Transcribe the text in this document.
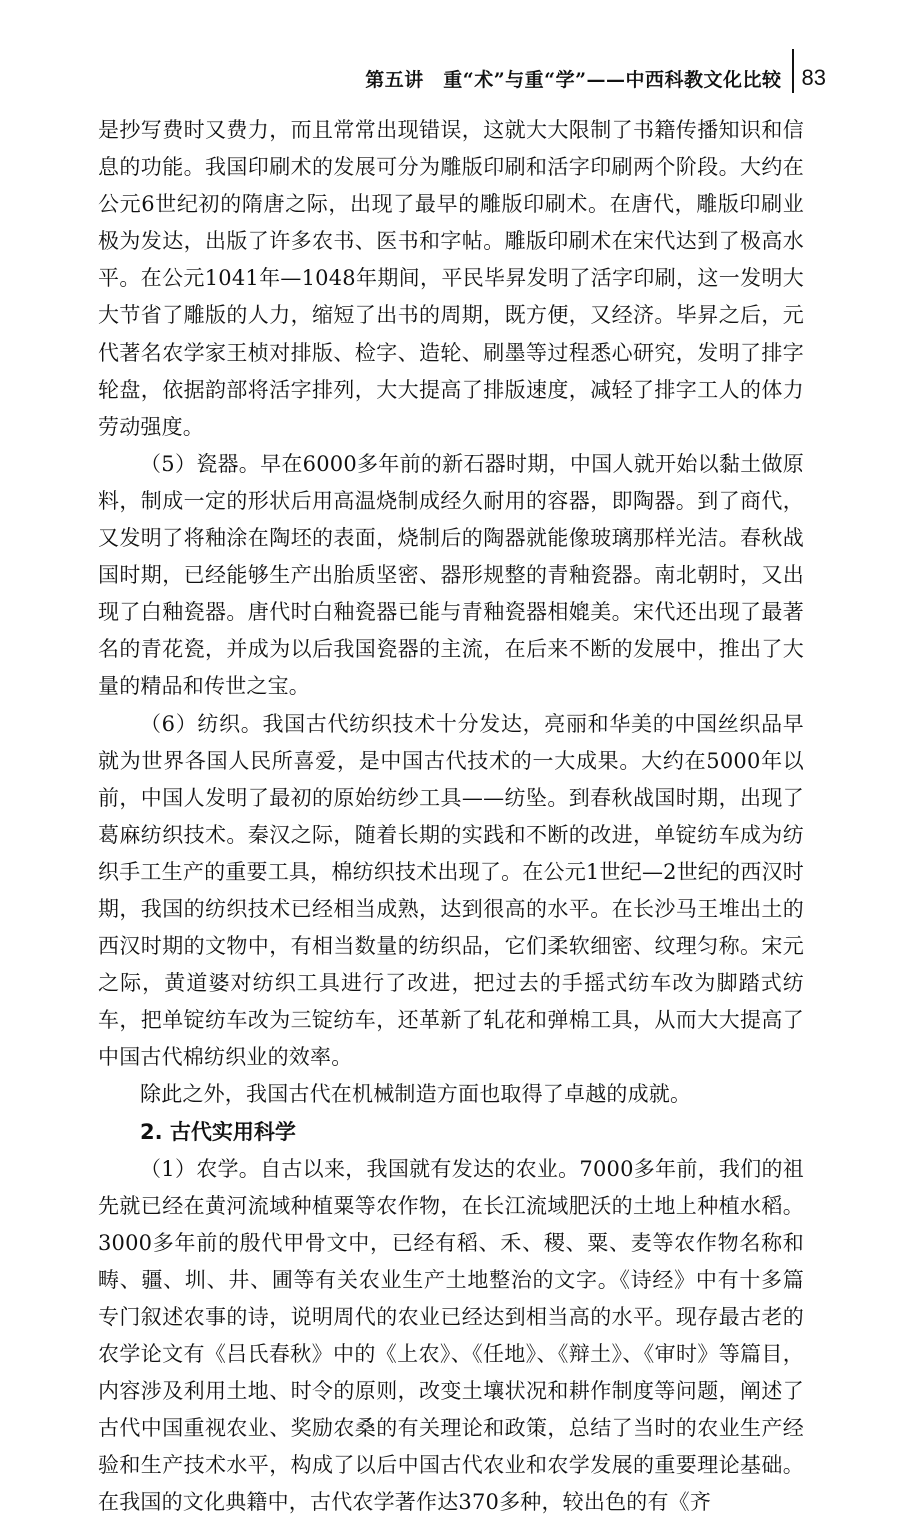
第五讲　重“术”与重“学”——中西科教文化比较 83

是抄写费时又费力，而且常常出现错误，这就大大限制了书籍传播知识和信息的功能。我国印刷术的发展可分为雕版印刷和活字印刷两个阶段。大约在公元6世纪初的隋唐之际，出现了最早的雕版印刷术。在唐代，雕版印刷业极为发达，出版了许多农书、医书和字帖。雕版印刷术在宋代达到了极高水平。在公元1041年—1048年期间，平民毕昇发明了活字印刷，这一发明大大节省了雕版的人力，缩短了出书的周期，既方便，又经济。毕昇之后，元代著名农学家王桢对排版、检字、造轮、刷墨等过程悉心研究，发明了排字轮盘，依据韵部将活字排列，大大提高了排版速度，减轻了排字工人的体力劳动强度。

（5）瓷器。早在6000多年前的新石器时期，中国人就开始以黏土做原料，制成一定的形状后用高温烧制成经久耐用的容器，即陶器。到了商代，又发明了将釉涂在陶坯的表面，烧制后的陶器就能像玻璃那样光洁。春秋战国时期，已经能够生产出胎质坚密、器形规整的青釉瓷器。南北朝时，又出现了白釉瓷器。唐代时白釉瓷器已能与青釉瓷器相媲美。宋代还出现了最著名的青花瓷，并成为以后我国瓷器的主流，在后来不断的发展中，推出了大量的精品和传世之宝。

（6）纺织。我国古代纺织技术十分发达，亮丽和华美的中国丝织品早就为世界各国人民所喜爱，是中国古代技术的一大成果。大约在5000年以前，中国人发明了最初的原始纺纱工具——纺坠。到春秋战国时期，出现了葛麻纺织技术。秦汉之际，随着长期的实践和不断的改进，单锭纺车成为纺织手工生产的重要工具，棉纺织技术出现了。在公元1世纪—2世纪的西汉时期，我国的纺织技术已经相当成熟，达到很高的水平。在长沙马王堆出土的西汉时期的文物中，有相当数量的纺织品，它们柔软细密、纹理匀称。宋元之际，黄道婆对纺织工具进行了改进，把过去的手摇式纺车改为脚踏式纺车，把单锭纺车改为三锭纺车，还革新了轧花和弹棉工具，从而大大提高了中国古代棉纺织业的效率。

除此之外，我国古代在机械制造方面也取得了卓越的成就。

2. 古代实用科学

（1）农学。自古以来，我国就有发达的农业。7000多年前，我们的祖先就已经在黄河流域种植粟等农作物，在长江流域肥沃的土地上种植水稻。3000多年前的殷代甲骨文中，已经有稻、禾、稷、粟、麦等农作物名称和畴、疆、圳、井、圃等有关农业生产土地整治的文字。《诗经》中有十多篇专门叙述农事的诗，说明周代的农业已经达到相当高的水平。现存最古老的农学论文有《吕氏春秋》中的《上农》、《任地》、《辩土》、《审时》等篇目，内容涉及利用土地、时令的原则，改变土壤状况和耕作制度等问题，阐述了古代中国重视农业、奖励农桑的有关理论和政策，总结了当时的农业生产经验和生产技术水平，构成了以后中国古代农业和农学发展的重要理论基础。在我国的文化典籍中，古代农学著作达370多种，较出色的有《齐
